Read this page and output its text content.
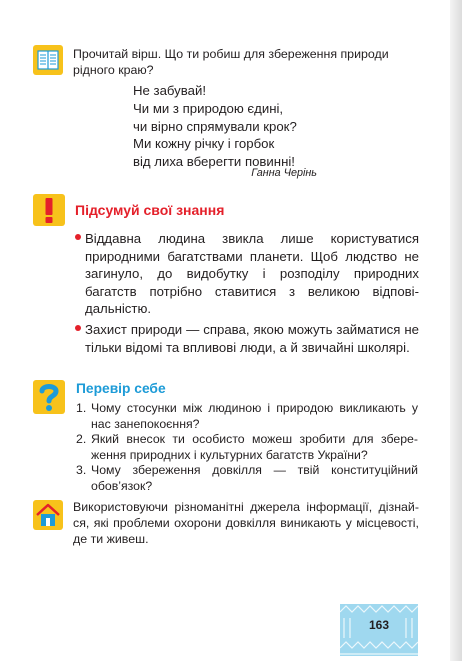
Прочитай вірш. Що ти робиш для збереження природи рідного краю?
Не забувай!
Чи ми з природою єдині,
чи вірно спрямували крок?
Ми кожну річку і горбок
від лиха вберегти повинні!
Ганна Черінь
Підсумуй свої знання
Віддавна людина звикла лише користуватися природними багатствами планети. Щоб людство не загинуло, до видобутку і розподілу природних багатств потрібно ставитися з великою відповідальністю.
Захист природи — справа, якою можуть займатися не тільки відомі та впливові люди, а й звичайні школярі.
Перевір себе
1. Чому стосунки між людиною і природою викликають у нас занепокоєння?
2. Який внесок ти особисто можеш зробити для збереження природних і культурних багатств України?
3. Чому збереження довкілля — твій конституційний обов’язок?
Використовуючи різноманітні джерела інформації, дізнайся, які проблеми охорони довкілля виникають у місцевості, де ти живеш.
163
